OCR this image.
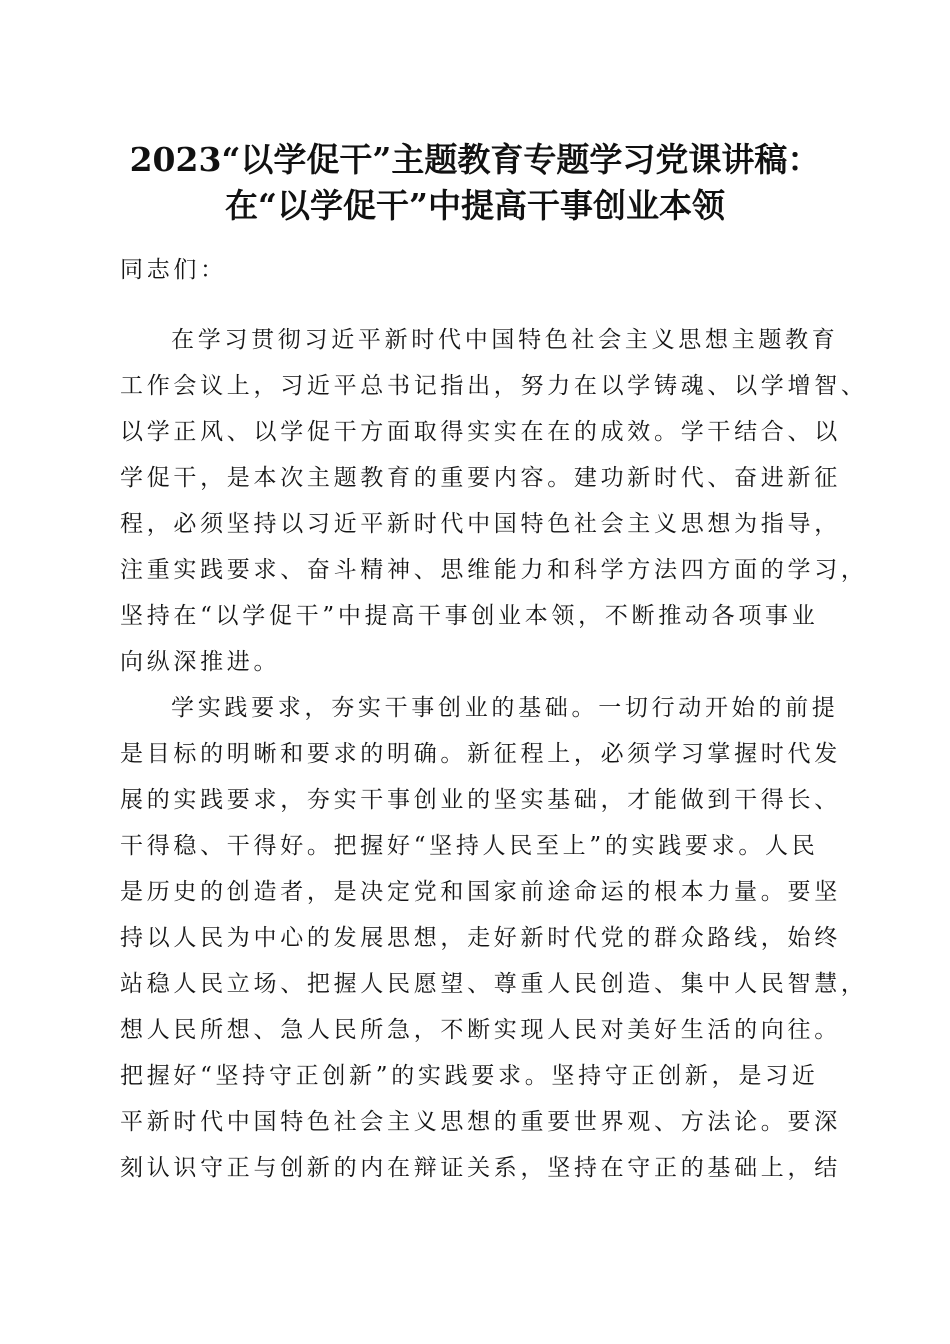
2023“以学促干”主题教育专题学习党课讲稿：
在“以学促干”中提高干事创业本领

同志们：

在学习贯彻习近平新时代中国特色社会主义思想主题教育

工作会议上，习近平总书记指出，努力在以学铸魂、以学增智、

以学正风、以学促干方面取得实实在在的成效。学干结合、以

学促干，是本次主题教育的重要内容。建功新时代、奋进新征

程，必须坚持以习近平新时代中国特色社会主义思想为指导，

注重实践要求、奋斗精神、思维能力和科学方法四方面的学习，

坚持在“以学促干”中提高干事创业本领，不断推动各项事业

向纵深推进。

学实践要求，夯实干事创业的基础。一切行动开始的前提

是目标的明晰和要求的明确。新征程上，必须学习掌握时代发

展的实践要求，夯实干事创业的坚实基础，才能做到干得长、

干得稳、干得好。把握好“坚持人民至上”的实践要求。人民

是历史的创造者，是决定党和国家前途命运的根本力量。要坚

持以人民为中心的发展思想，走好新时代党的群众路线，始终

站稳人民立场、把握人民愿望、尊重人民创造、集中人民智慧，

想人民所想、急人民所急，不断实现人民对美好生活的向往。

把握好“坚持守正创新”的实践要求。坚持守正创新，是习近

平新时代中国特色社会主义思想的重要世界观、方法论。要深

刻认识守正与创新的内在辩证关系，坚持在守正的基础上，结
